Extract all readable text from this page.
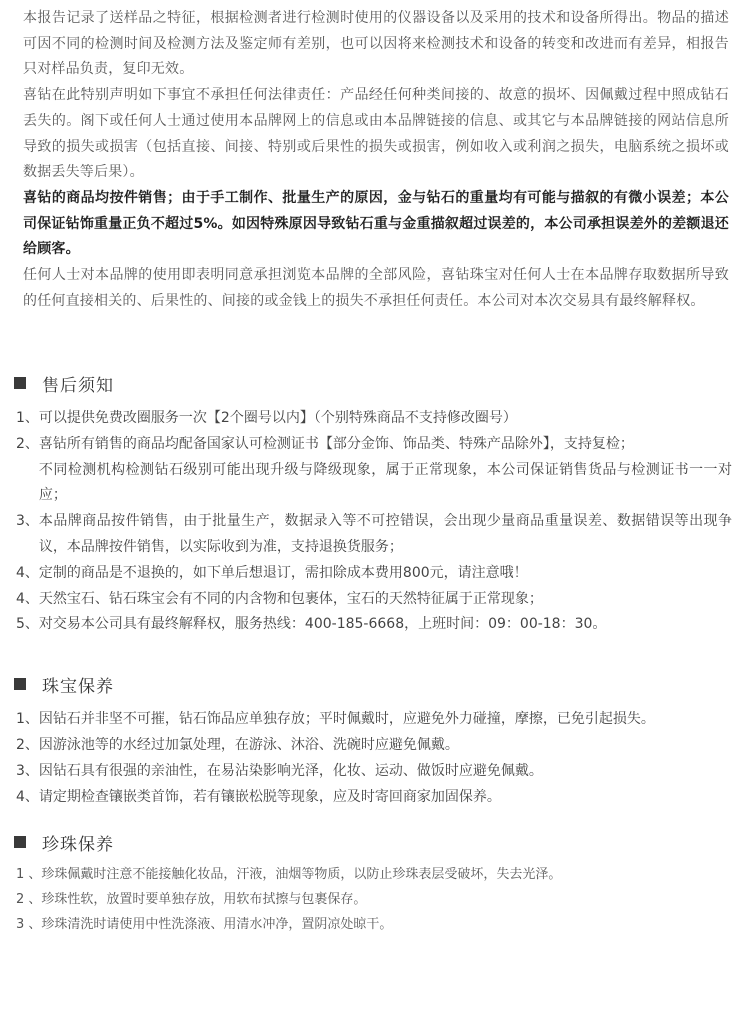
本报告记录了送样品之特征，根据检测者进行检测时使用的仪器设备以及采用的技术和设备所得出。物品的描述可因不同的检测时间及检测方法及鉴定师有差别，也可以因将来检测技术和设备的转变和改进而有差异，相报告只对样品负责，复印无效。

喜钻在此特别声明如下事宜不承担任何法律责任：产品经任何种类间接的、故意的损坏、因佩戴过程中照成钻石丢失的。阁下或任何人士通过使用本品牌网上的信息或由本品牌链接的信息、或其它与本品牌链接的网站信息所导致的损失或损害（包括直接、间接、特别或后果性的损失或损害，例如收入或利润之损失，电脑系统之损坏或数据丢失等后果）。

喜钻的商品均按件销售；由于手工制作、批量生产的原因，金与钻石的重量均有可能与描叙的有微小误差；本公司保证钻饰重量正负不超过5%。如因特殊原因导致钻石重与金重描叙超过误差的，本公司承担误差外的差额退还给顾客。

任何人士对本品牌的使用即表明同意承担浏览本品牌的全部风险，喜钻珠宝对任何人士在本品牌存取数据所导致的任何直接相关的、后果性的、间接的或金钱上的损失不承担任何责任。本公司对本次交易具有最终解释权。

售后须知
1、 可以提供免费改圈服务一次【2个圈号以内】（个别特殊商品不支持修改圈号）
2、 喜钻所有销售的商品均配备国家认可检测证书【部分金饰、饰品类、特殊产品除外】，支持复检；
不同检测机构检测钻石级别可能出现升级与降级现象，属于正常现象，本公司保证销售货品与检测证书一一对应；
3、 本品牌商品按件销售，由于批量生产，数据录入等不可控错误，会出现少量商品重量误差、数据错误等出现争议，本品牌按件销售，以实际收到为准，支持退换货服务；
4、 定制的商品是不退换的，如下单后想退订，需扣除成本费用800元，请注意哦！
4、 天然宝石、钻石珠宝会有不同的内含物和包裹体，宝石的天然特征属于正常现象；
5、 对交易本公司具有最终解释权，服务热线：400-185-6668，上班时间：09：00-18：30。
珠宝保养
1、 因钻石并非坚不可摧，钻石饰品应单独存放；平时佩戴时，应避免外力碰撞，摩擦，已免引起损失。
2、 因游泳池等的水经过加氯处理，在游泳、沐浴、洗碗时应避免佩戴。
3、 因钻石具有很强的亲油性，在易沾染影响光泽，化妆、运动、做饭时应避免佩戴。
4、 请定期检查镶嵌类首饰，若有镶嵌松脱等现象，应及时寄回商家加固保养。
珍珠保养
1 、 珍珠佩戴时注意不能接触化妆品，汗液，油烟等物质，以防止珍珠表层受破坏，失去光泽。
2 、 珍珠性软，放置时要单独存放，用软布拭擦与包裹保存。
3 、 珍珠清洗时请使用中性洗涤液、用清水冲净，置阴凉处晾干。
